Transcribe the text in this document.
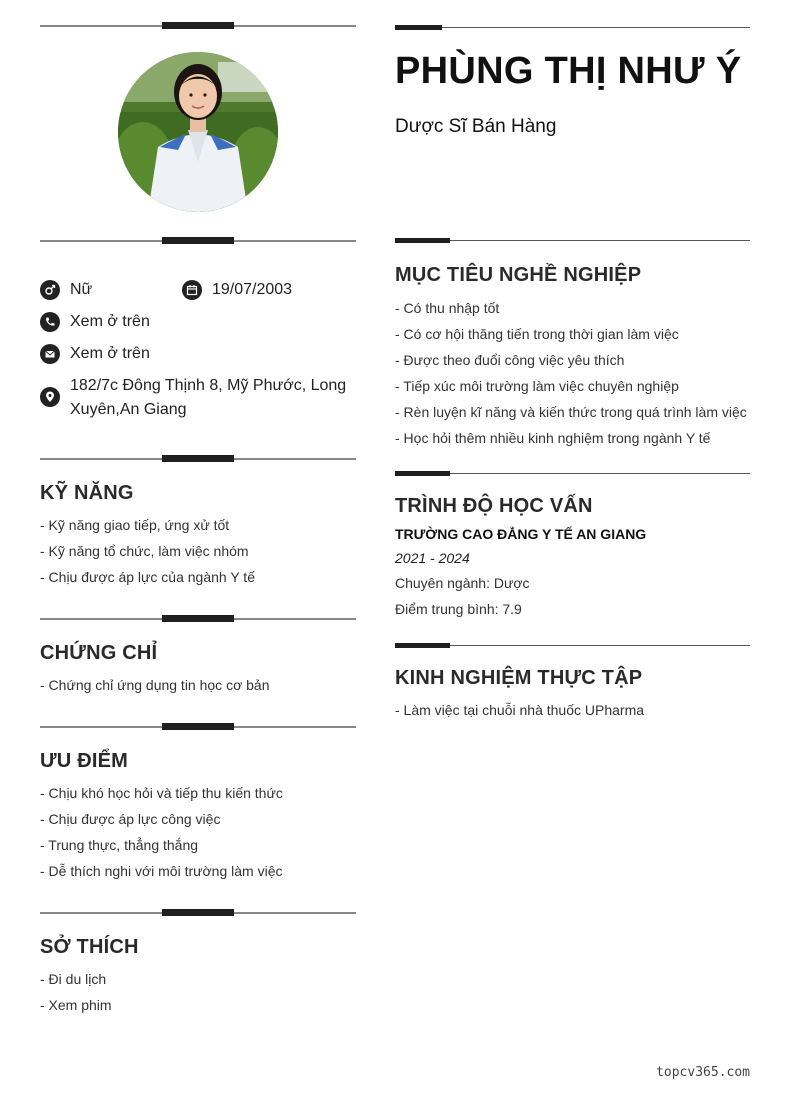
Nữ	19/07/2003
Xem ở trên
Xem ở trên
182/7c Đông Thịnh 8, Mỹ Phước, Long Xuyên,An Giang
KỸ NĂNG
- Kỹ năng giao tiếp, ứng xử tốt
- Kỹ năng tổ chức, làm việc nhóm
- Chịu được áp lực của ngành Y tế
CHỨNG CHỈ
- Chứng chỉ ứng dụng tin học cơ bản
ƯU ĐIỂM
- Chịu khó học hỏi và tiếp thu kiến thức
- Chịu được áp lực công việc
- Trung thực, thẳng thắng
- Dễ thích nghi với môi trường làm việc
SỞ THÍCH
- Đi du lịch
- Xem phim
PHÙNG THỊ NHƯ Ý
Dược Sĩ Bán Hàng
MỤC TIÊU NGHỀ NGHIỆP
- Có thu nhập tốt
- Có cơ hội thăng tiến trong thời gian làm việc
- Được theo đuổi công việc yêu thích
- Tiếp xúc môi trường làm việc chuyên nghiệp
- Rèn luyện kĩ năng và kiến thức trong quá trình làm việc
- Học hỏi thêm nhiều kinh nghiệm trong ngành Y tế
TRÌNH ĐỘ HỌC VẤN
TRƯỜNG CAO ĐẲNG Y TẾ AN GIANG
2021 - 2024
Chuyên ngành: Dược
Điểm trung bình: 7.9
KINH NGHIỆM THỰC TẬP
- Làm việc tại chuỗi nhà thuốc UPharma
topcv365.com
